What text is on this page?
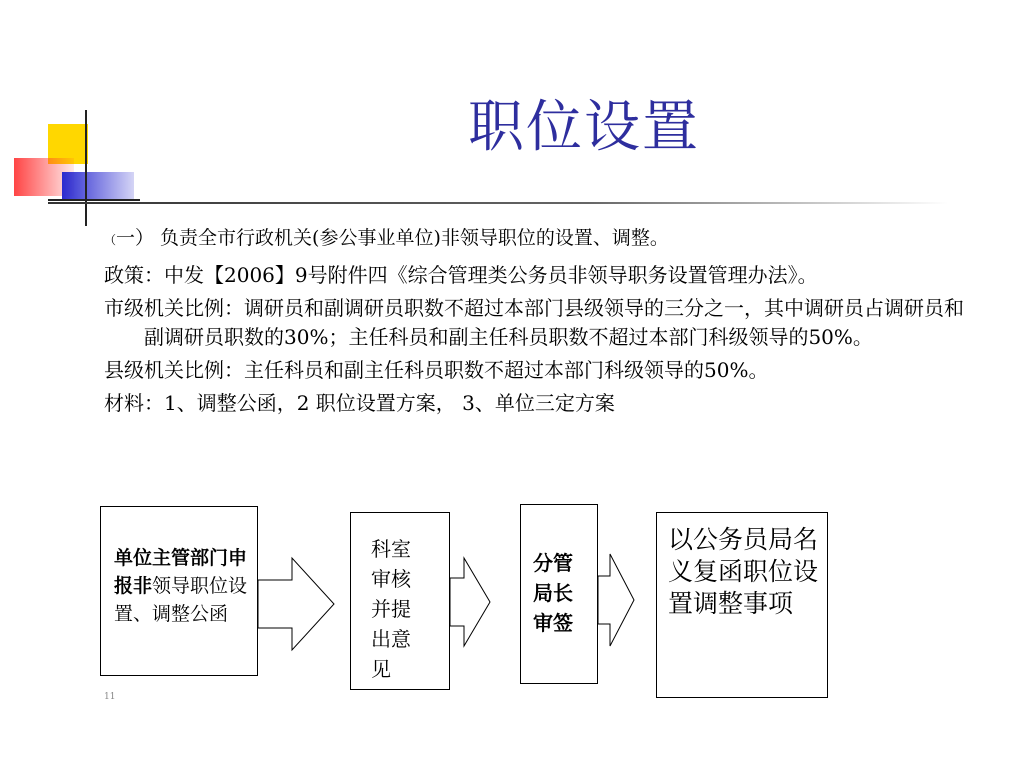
职位设置

（一） 负责全市行政机关(参公事业单位)非领导职位的设置、调整。

政策：中发【2006】9号附件四《综合管理类公务员非领导职务设置管理办法》。

市级机关比例：调研员和副调研员职数不超过本部门县级领导的三分之一，其中调研员占调研员和副调研员职数的30%；主任科员和副主任科员职数不超过本部门科级领导的50%。

县级机关比例：主任科员和副主任科员职数不超过本部门科级领导的50%。

材料：1、调整公函，2 职位设置方案， 3、单位三定方案

单位主管部门申报非领导职位设置、调整公函
科室审核并提出意见
分管局长审签
以公务员局名义复函职位设置调整事项
11
